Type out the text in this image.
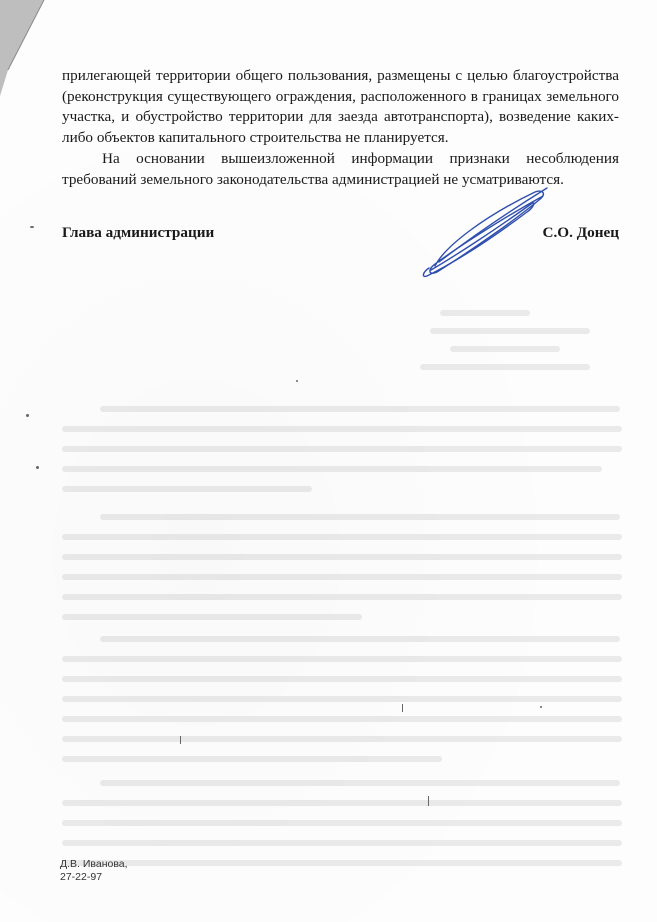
прилегающей территории общего пользования, размещены с целью благоустройства (реконструкция существующего ограждения, расположенного в границах земельного участка, и обустройство территории для заезда автотранспорта), возведение каких-либо объектов капитального строительства не планируется.

На основании вышеизложенной информации признаки несоблюдения требований земельного законодательства администрацией не усматриваются.

Глава администрации	С.О. Донец
Д.В. Иванова,
27-22-97
